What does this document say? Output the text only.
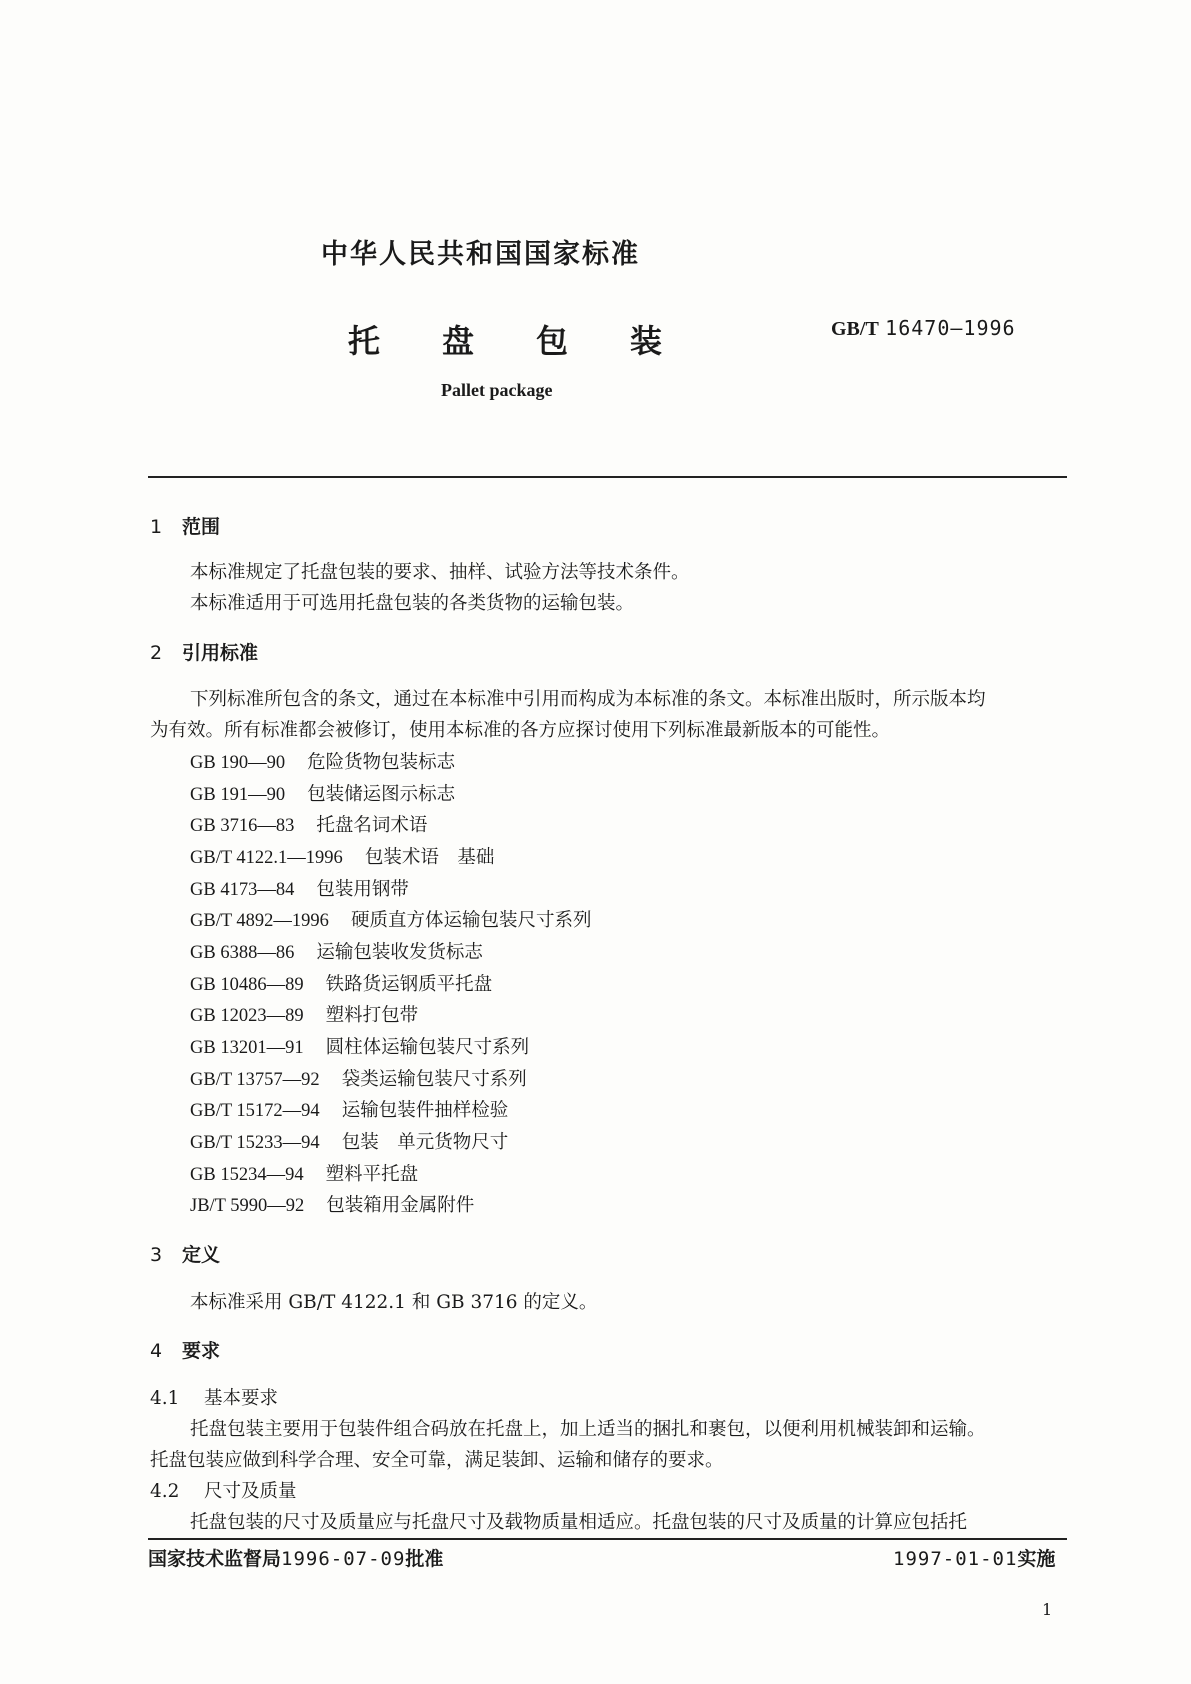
中华人民共和国国家标准
托盘包装	GB/T 16470—1996
Pallet package
1 范围
本标准规定了托盘包装的要求、抽样、试验方法等技术条件。
本标准适用于可选用托盘包装的各类货物的运输包装。
2 引用标准
下列标准所包含的条文，通过在本标准中引用而构成为本标准的条文。本标准出版时，所示版本均
为有效。所有标准都会被修订，使用本标准的各方应探讨使用下列标准最新版本的可能性。
GB 190—90 危险货物包装标志
GB 191—90 包装储运图示标志
GB 3716—83 托盘名词术语
GB/T 4122.1—1996 包装术语　基础
GB 4173—84 包装用钢带
GB/T 4892—1996 硬质直方体运输包装尺寸系列
GB 6388—86 运输包装收发货标志
GB 10486—89 铁路货运钢质平托盘
GB 12023—89 塑料打包带
GB 13201—91 圆柱体运输包装尺寸系列
GB/T 13757—92 袋类运输包装尺寸系列
GB/T 15172—94 运输包装件抽样检验
GB/T 15233—94 包装　单元货物尺寸
GB 15234—94 塑料平托盘
JB/T 5990—92 包装箱用金属附件
3 定义
本标准采用 GB/T 4122.1 和 GB 3716 的定义。
4 要求
4.1 基本要求
托盘包装主要用于包装件组合码放在托盘上，加上适当的捆扎和裹包，以便利用机械装卸和运输。
托盘包装应做到科学合理、安全可靠，满足装卸、运输和储存的要求。
4.2 尺寸及质量
托盘包装的尺寸及质量应与托盘尺寸及载物质量相适应。托盘包装的尺寸及质量的计算应包括托
国家技术监督局1996-07-09批准	1997-01-01实施
1
